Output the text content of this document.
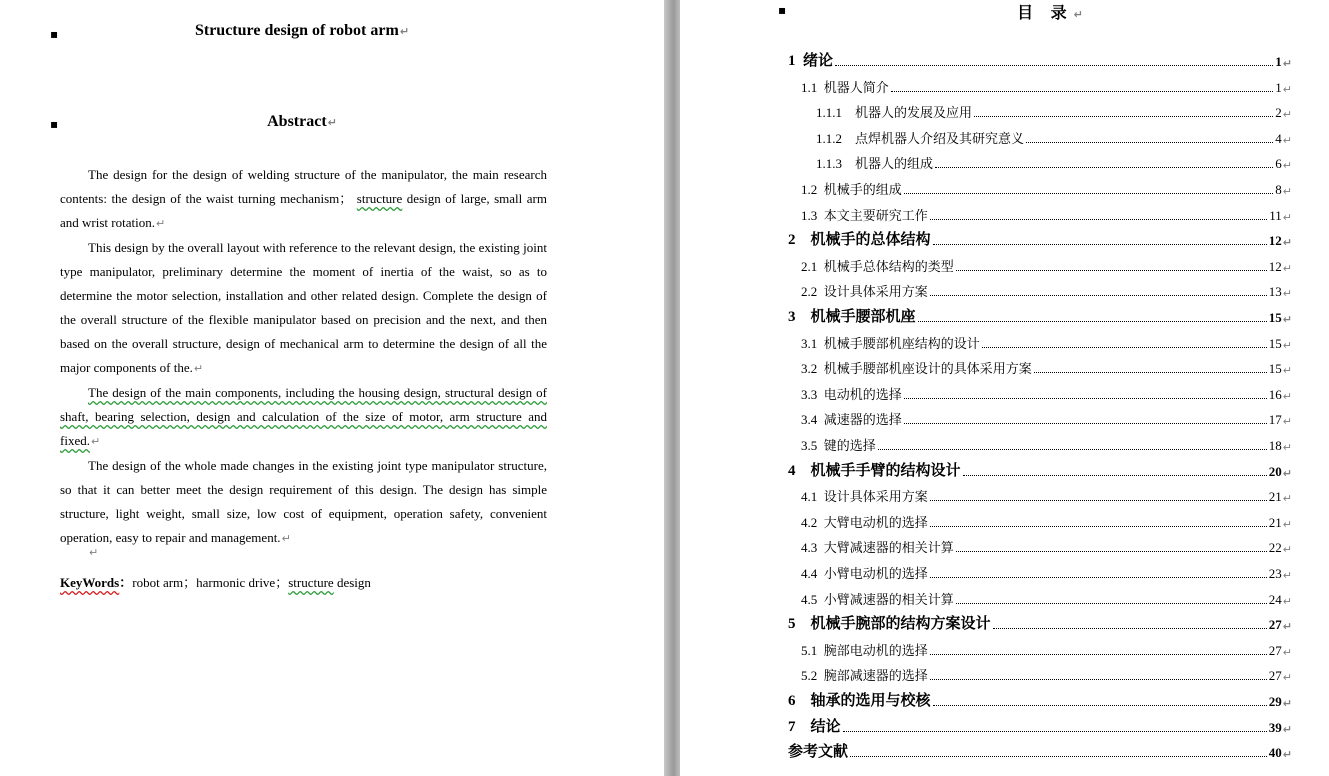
▪	Structure design of robot arm↵
▪	Abstract↵

The design for the design of welding structure of the manipulator, the main research contents: the design of the waist turning mechanism； structure design of large, small arm and wrist rotation.↵

This design by the overall layout with reference to the relevant design, the existing joint type manipulator, preliminary determine the moment of inertia of the waist, so as to determine the motor selection, installation and other related design. Complete the design of the overall structure of the flexible manipulator based on precision and the next, and then based on the overall structure, design of mechanical arm to determine the design of all the major components of the.↵

The design of the main components, including the housing design, structural design of shaft, bearing selection, design and calculation of the size of motor, arm structure and fixed.↵

The design of the whole made changes in the existing joint type manipulator structure, so that it can better meet the design requirement of this design. The design has simple structure, light weight, small size, low cost of equipment, operation safety, convenient operation, easy to repair and management.↵

↵
KeyWords：robot arm；harmonic drive；structure design
▪	目 录↵
1 绪论	1 ↵
1.1 机器人简介	1 ↵
1.1.1 机器人的发展及应用	2 ↵
1.1.2 点焊机器人介绍及其研究意义	4 ↵
1.1.3 机器人的组成	6 ↵
1.2 机械手的组成	8 ↵
1.3 本文主要研究工作	11 ↵
2 机械手的总体结构	12 ↵
2.1 机械手总体结构的类型	12 ↵
2.2 设计具体采用方案	13 ↵
3 机械手腰部机座	15 ↵
3.1 机械手腰部机座结构的设计	15 ↵
3.2 机械手腰部机座设计的具体采用方案	15 ↵
3.3 电动机的选择	16 ↵
3.4 减速器的选择	17 ↵
3.5 键的选择	18 ↵
4 机械手手臂的结构设计	20 ↵
4.1 设计具体采用方案	21 ↵
4.2 大臂电动机的选择	21 ↵
4.3 大臂减速器的相关计算	22 ↵
4.4 小臂电动机的选择	23 ↵
4.5 小臂减速器的相关计算	24 ↵
5 机械手腕部的结构方案设计	27 ↵
5.1 腕部电动机的选择	27 ↵
5.2 腕部减速器的选择	27 ↵
6 轴承的选用与校核	29 ↵
7 结论	39 ↵
参考文献	40 ↵
